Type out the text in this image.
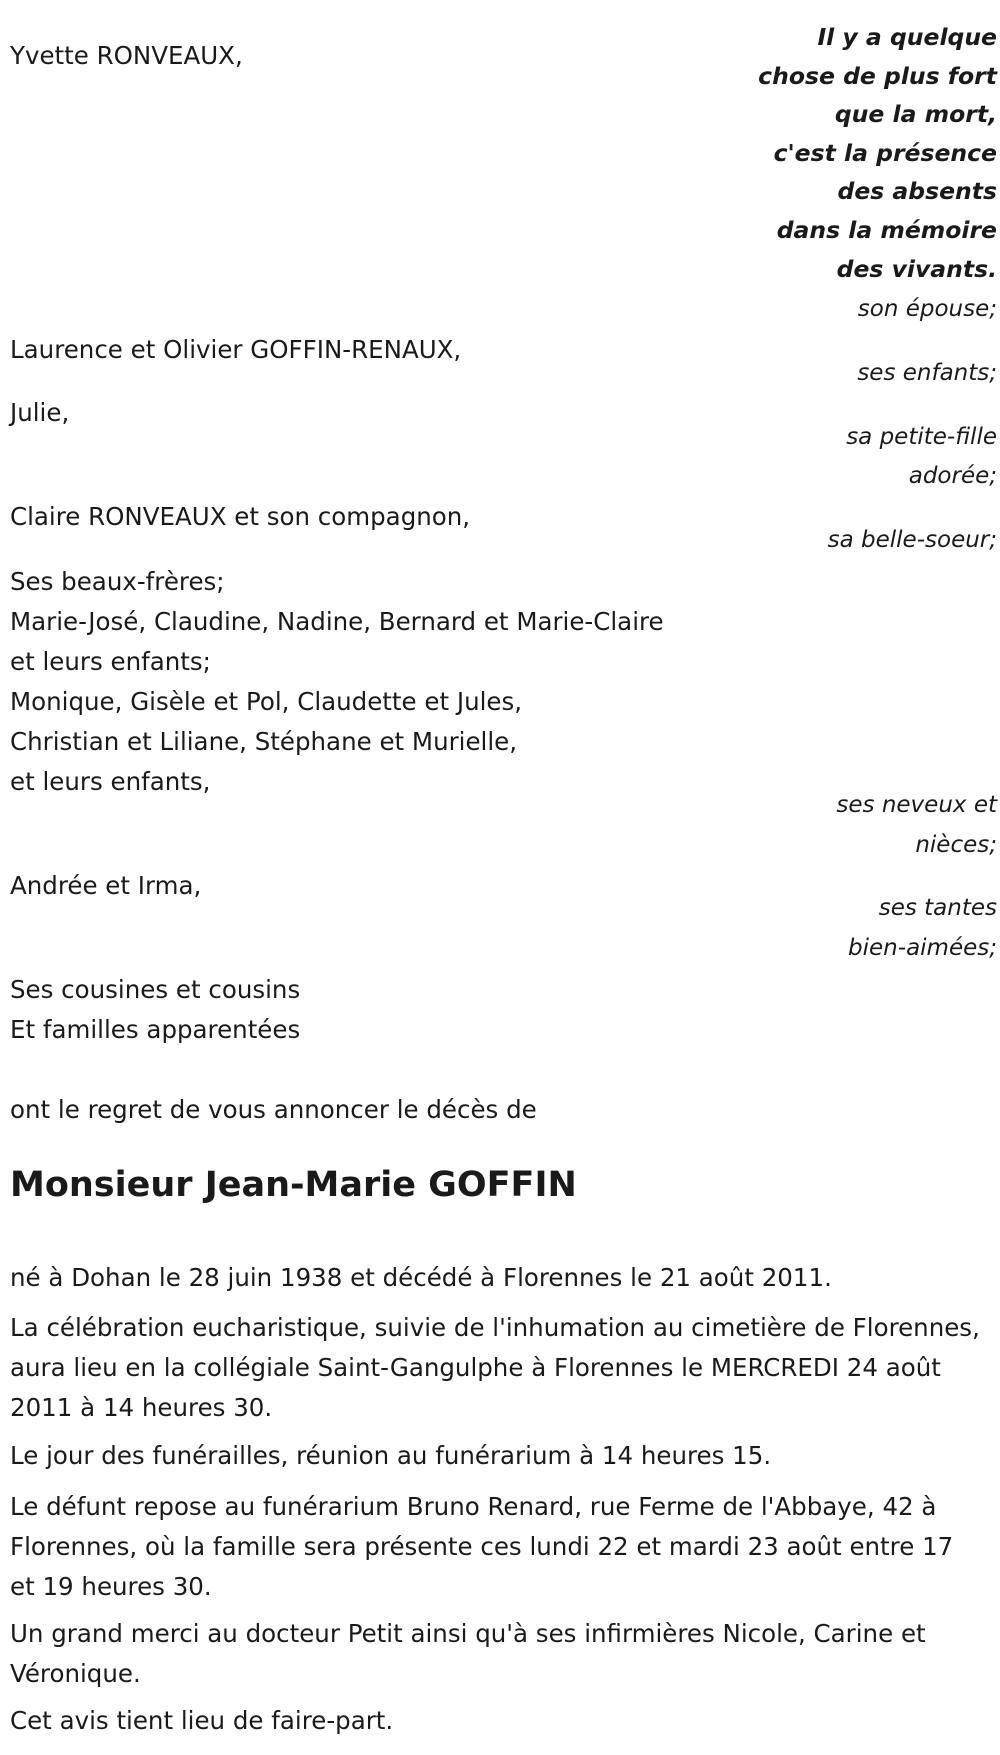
Il y a quelque
chose de plus fort
que la mort,
c'est la présence
des absents
dans la mémoire
des vivants.

Yvette RONVEAUX,

son épouse;

Laurence et Olivier GOFFIN-RENAUX,

ses enfants;

Julie,

sa petite-fille

adorée;

Claire RONVEAUX et son compagnon,

sa belle-soeur;

Ses beaux-frères;

Marie-José, Claudine, Nadine, Bernard et Marie-Claire

et leurs enfants;

Monique, Gisèle et Pol, Claudette et Jules,

Christian et Liliane, Stéphane et Murielle,

et leurs enfants,

ses neveux et

nièces;

Andrée et Irma,

ses tantes

bien-aimées;

Ses cousines et cousins

Et familles apparentées

ont le regret de vous annoncer le décès de

Monsieur Jean-Marie GOFFIN

né à Dohan le 28 juin 1938 et décédé à Florennes le 21 août 2011.

La célébration eucharistique, suivie de l'inhumation au cimetière de Florennes, aura lieu en la collégiale Saint-Gangulphe à Florennes le MERCREDI 24 août 2011 à 14 heures 30.

Le jour des funérailles, réunion au funérarium à 14 heures 15.

Le défunt repose au funérarium Bruno Renard, rue Ferme de l'Abbaye, 42 à Florennes, où la famille sera présente ces lundi 22 et mardi 23 août entre 17 et 19 heures 30.

Un grand merci au docteur Petit ainsi qu'à ses infirmières Nicole, Carine et Véronique.

Cet avis tient lieu de faire-part.
